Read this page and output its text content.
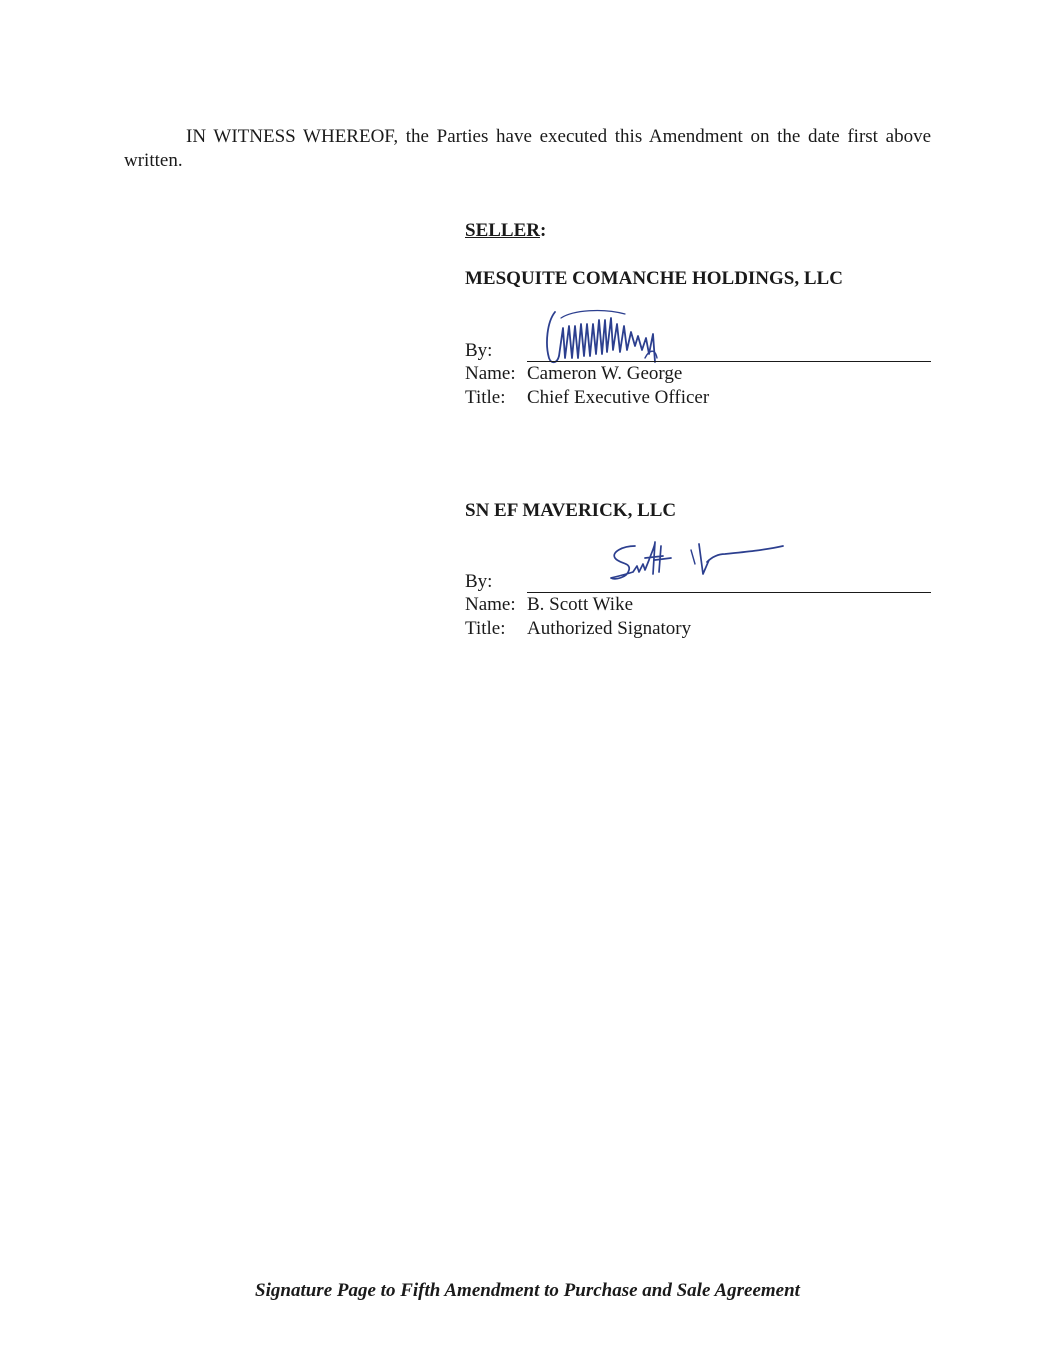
IN WITNESS WHEREOF, the Parties have executed this Amendment on the date first above written.

SELLER:
MESQUITE COMANCHE HOLDINGS, LLC
By:
Name: Cameron W. George
Title: Chief Executive Officer
SN EF MAVERICK, LLC
By:
Name: B. Scott Wike
Title: Authorized Signatory
Signature Page to Fifth Amendment to Purchase and Sale Agreement
